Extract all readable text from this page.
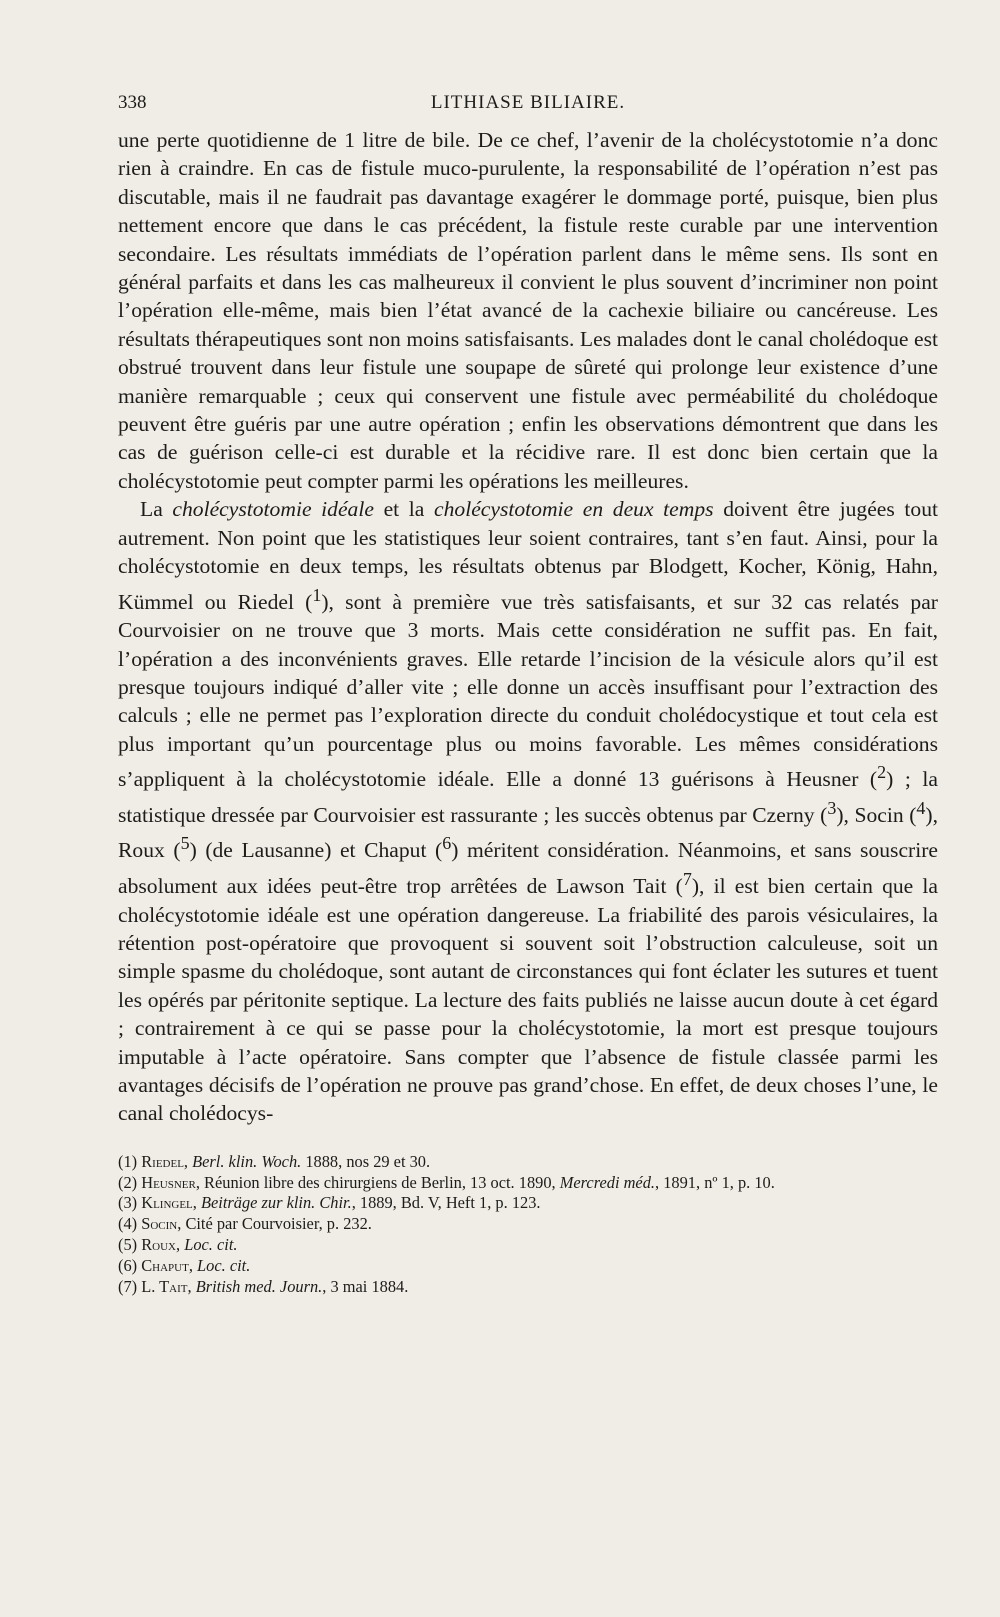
338	LITHIASE BILIAIRE.

une perte quotidienne de 1 litre de bile. De ce chef, l’avenir de la cholécystotomie n’a donc rien à craindre. En cas de fistule muco-purulente, la responsabilité de l’opération n’est pas discutable, mais il ne faudrait pas davantage exagérer le dommage porté, puisque, bien plus nettement encore que dans le cas précédent, la fistule reste curable par une intervention secondaire. Les résultats immédiats de l’opération parlent dans le même sens. Ils sont en général parfaits et dans les cas malheureux il convient le plus souvent d’incriminer non point l’opération elle-même, mais bien l’état avancé de la cachexie biliaire ou cancéreuse. Les résultats thérapeutiques sont non moins satisfaisants. Les malades dont le canal cholédoque est obstrué trouvent dans leur fistule une soupape de sûreté qui prolonge leur existence d’une manière remarquable ; ceux qui conservent une fistule avec perméabilité du cholédoque peuvent être guéris par une autre opération ; enfin les observations démontrent que dans les cas de guérison celle-ci est durable et la récidive rare. Il est donc bien certain que la cholécystotomie peut compter parmi les opérations les meilleures.

La cholécystotomie idéale et la cholécystotomie en deux temps doivent être jugées tout autrement. Non point que les statistiques leur soient contraires, tant s’en faut. Ainsi, pour la cholécystotomie en deux temps, les résultats obtenus par Blodgett, Kocher, König, Hahn, Kümmel ou Riedel ($^1$), sont à première vue très satisfaisants, et sur 32 cas relatés par Courvoisier on ne trouve que 3 morts. Mais cette considération ne suffit pas. En fait, l’opération a des inconvénients graves. Elle retarde l’incision de la vésicule alors qu’il est presque toujours indiqué d’aller vite ; elle donne un accès insuffisant pour l’extraction des calculs ; elle ne permet pas l’exploration directe du conduit cholédocystique et tout cela est plus important qu’un pourcentage plus ou moins favorable. Les mêmes considérations s’appliquent à la cholécystotomie idéale. Elle a donné 13 guérisons à Heusner ($^2$) ; la statistique dressée par Courvoisier est rassurante ; les succès obtenus par Czerny ($^3$), Socin ($^4$), Roux ($^5$) (de Lausanne) et Chaput ($^6$) méritent considération. Néanmoins, et sans souscrire absolument aux idées peut-être trop arrêtées de Lawson Tait ($^7$), il est bien certain que la cholécystotomie idéale est une opération dangereuse. La friabilité des parois vésiculaires, la rétention post-opératoire que provoquent si souvent soit l’obstruction calculeuse, soit un simple spasme du cholédoque, sont autant de circonstances qui font éclater les sutures et tuent les opérés par péritonite septique. La lecture des faits publiés ne laisse aucun doute à cet égard ; contrairement à ce qui se passe pour la cholécystotomie, la mort est presque toujours imputable à l’acte opératoire. Sans compter que l’absence de fistule classée parmi les avantages décisifs de l’opération ne prouve pas grand’chose. En effet, de deux choses l’une, le canal cholédocys-

(1) Riedel, Berl. klin. Woch. 1888, nos 29 et 30.
(2) Heusner, Réunion libre des chirurgiens de Berlin, 13 oct. 1890, Mercredi méd., 1891, nº 1, p. 10.
(3) Klingel, Beiträge zur klin. Chir., 1889, Bd. V, Heft 1, p. 123.
(4) Socin, Cité par Courvoisier, p. 232.
(5) Roux, Loc. cit.
(6) Chaput, Loc. cit.
(7) L. Tait, British med. Journ., 3 mai 1884.
